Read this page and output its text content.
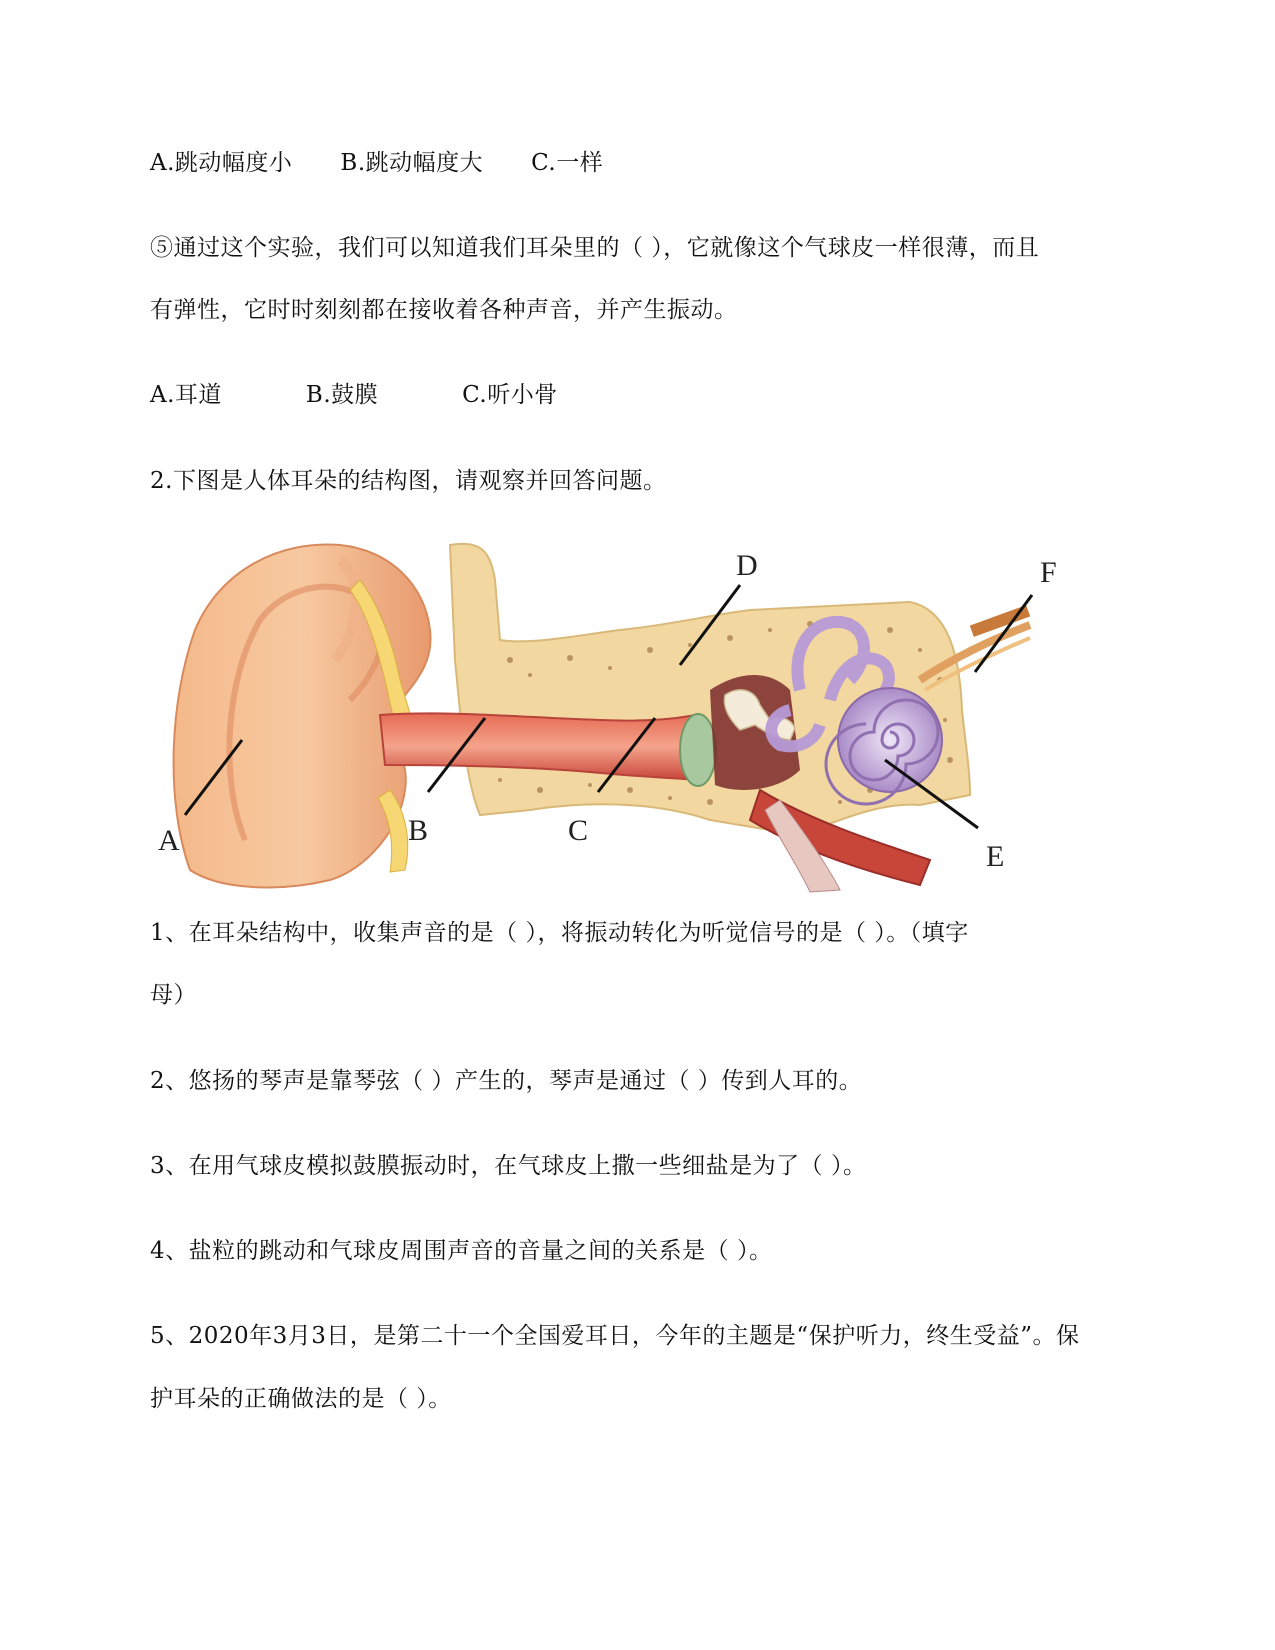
A.跳动幅度小 B.跳动幅度大 C.一样
⑤通过这个实验，我们可以知道我们耳朵里的（ ），它就像这个气球皮一样很薄，而且
有弹性，它时时刻刻都在接收着各种声音，并产生振动。
A.耳道	B.鼓膜	C.听小骨
2.下图是人体耳朵的结构图，请观察并回答问题。
A	B	C
D
E
F
1、在耳朵结构中，收集声音的是（ ），将振动转化为听觉信号的是（ ）。（填字
母）
2、悠扬的琴声是靠琴弦（ ）产生的，琴声是通过（ ）传到人耳的。
3、在用气球皮模拟鼓膜振动时，在气球皮上撒一些细盐是为了（ ）。
4、盐粒的跳动和气球皮周围声音的音量之间的关系是（ ）。
5、2020年3月3日，是第二十一个全国爱耳日，今年的主题是“保护听力，终生受益”。保
护耳朵的正确做法的是（ ）。
